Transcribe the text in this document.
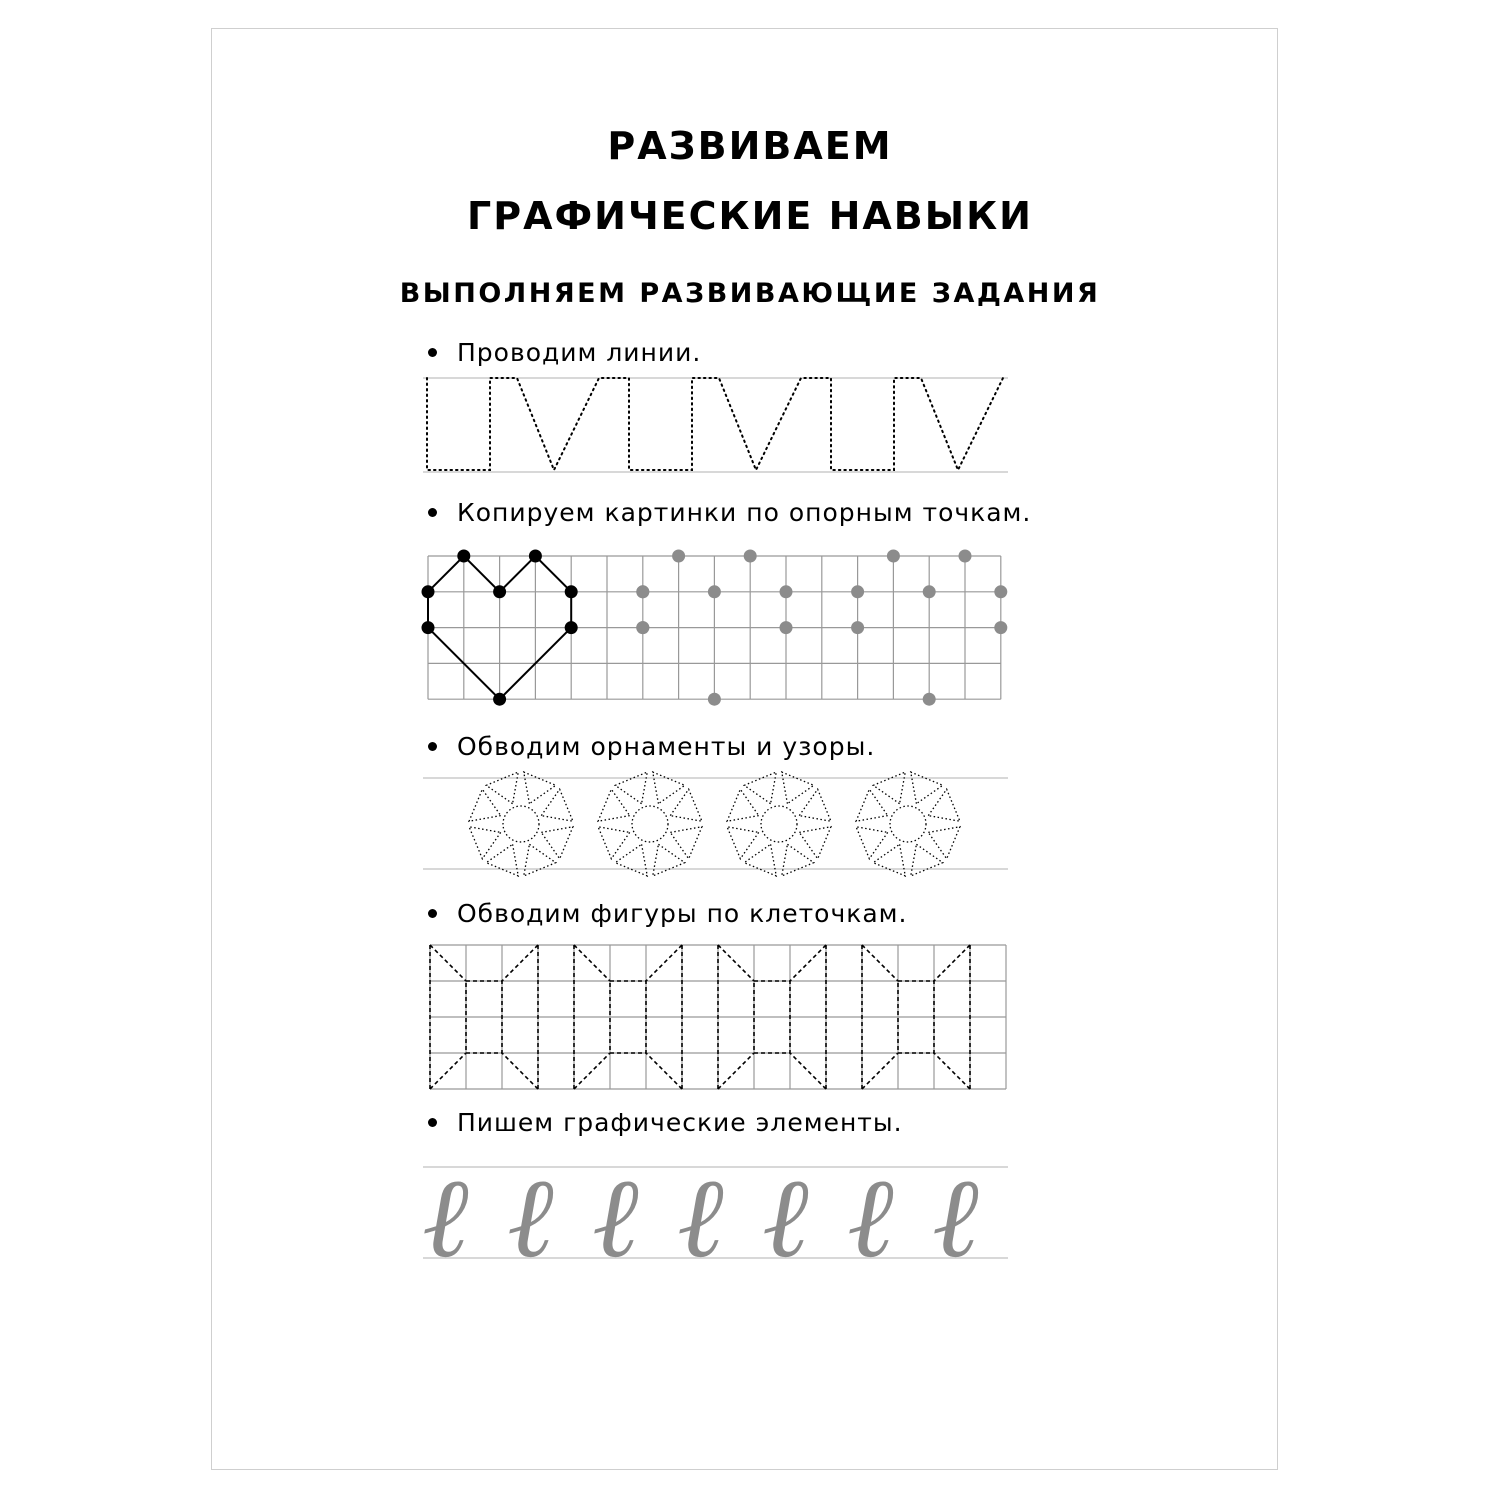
РАЗВИВАЕМ
ГРАФИЧЕСКИЕ НАВЫКИ
ВЫПОЛНЯЕМ РАЗВИВАЮЩИЕ ЗАДАНИЯ
Проводим линии.
Копируем картинки по опорным точкам.
Обводим орнаменты и узоры.
Обводим фигуры по клеточкам.
Пишем графические элементы.
ℓ ℓ ℓ ℓ ℓ ℓ ℓ
